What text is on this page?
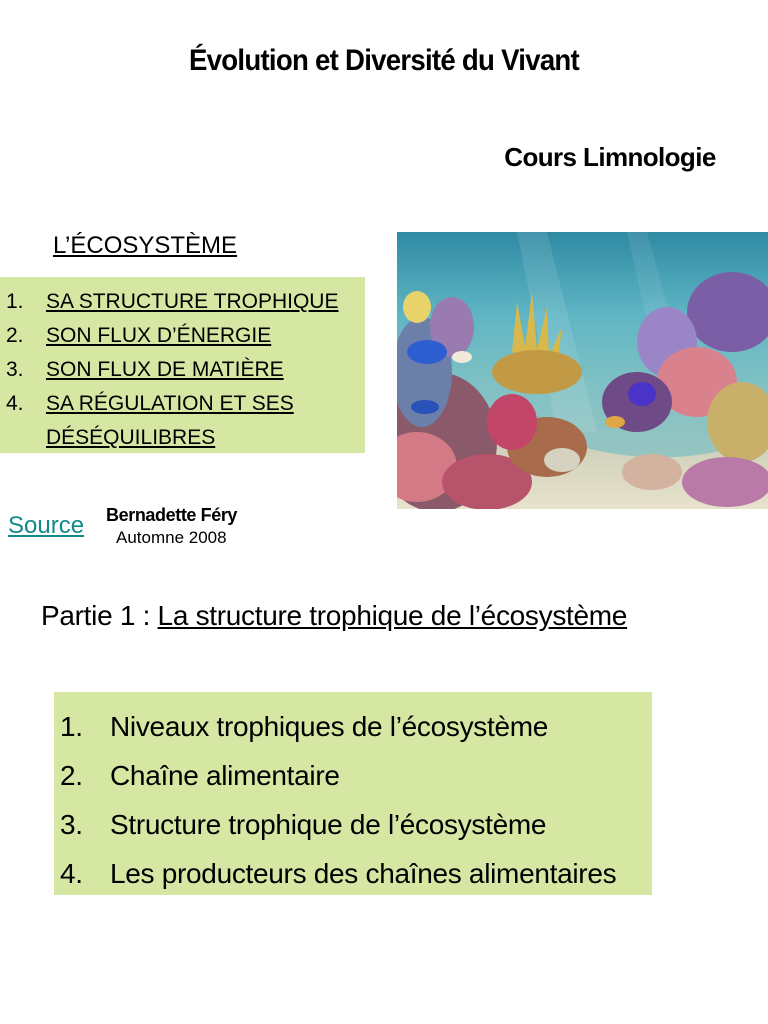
Évolution et Diversité du Vivant
Cours Limnologie
L’ÉCOSYSTÈME
1. SA STRUCTURE TROPHIQUE
2. SON FLUX D’ÉNERGIE
3. SON FLUX DE MATIÈRE
4. SA RÉGULATION ET SES DÉSÉQUILIBRES
Source Bernadette Féry
Automne 2008
Partie 1 : La structure trophique de l’écosystème
1. Niveaux trophiques de l’écosystème
2. Chaîne alimentaire
3. Structure trophique de l’écosystème
4. Les producteurs des chaînes alimentaires
